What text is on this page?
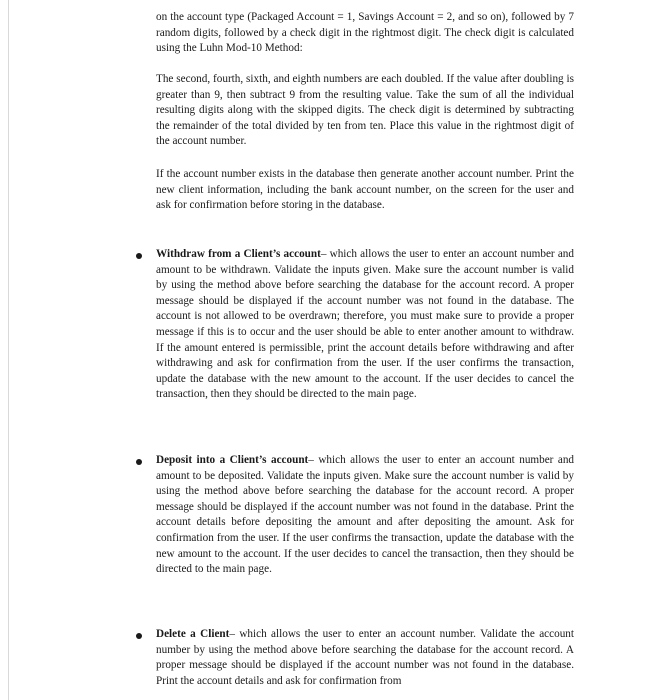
on the account type (Packaged Account = 1, Savings Account = 2, and so on), followed by 7 random digits, followed by a check digit in the rightmost digit. The check digit is calculated using the Luhn Mod-10 Method:

The second, fourth, sixth, and eighth numbers are each doubled. If the value after doubling is greater than 9, then subtract 9 from the resulting value. Take the sum of all the individual resulting digits along with the skipped digits. The check digit is determined by subtracting the remainder of the total divided by ten from ten. Place this value in the rightmost digit of the account number.

If the account number exists in the database then generate another account number. Print the new client information, including the bank account number, on the screen for the user and ask for confirmation before storing in the database.

Withdraw from a Client’s account– which allows the user to enter an account number and amount to be withdrawn. Validate the inputs given. Make sure the account number is valid by using the method above before searching the database for the account record. A proper message should be displayed if the account number was not found in the database. The account is not allowed to be overdrawn; therefore, you must make sure to provide a proper message if this is to occur and the user should be able to enter another amount to withdraw. If the amount entered is permissible, print the account details before withdrawing and after withdrawing and ask for confirmation from the user. If the user confirms the transaction, update the database with the new amount to the account. If the user decides to cancel the transaction, then they should be directed to the main page.

Deposit into a Client’s account– which allows the user to enter an account number and amount to be deposited. Validate the inputs given. Make sure the account number is valid by using the method above before searching the database for the account record. A proper message should be displayed if the account number was not found in the database. Print the account details before depositing the amount and after depositing the amount. Ask for confirmation from the user. If the user confirms the transaction, update the database with the new amount to the account. If the user decides to cancel the transaction, then they should be directed to the main page.

Delete a Client– which allows the user to enter an account number. Validate the account number by using the method above before searching the database for the account record. A proper message should be displayed if the account number was not found in the database. Print the account details and ask for confirmation from
